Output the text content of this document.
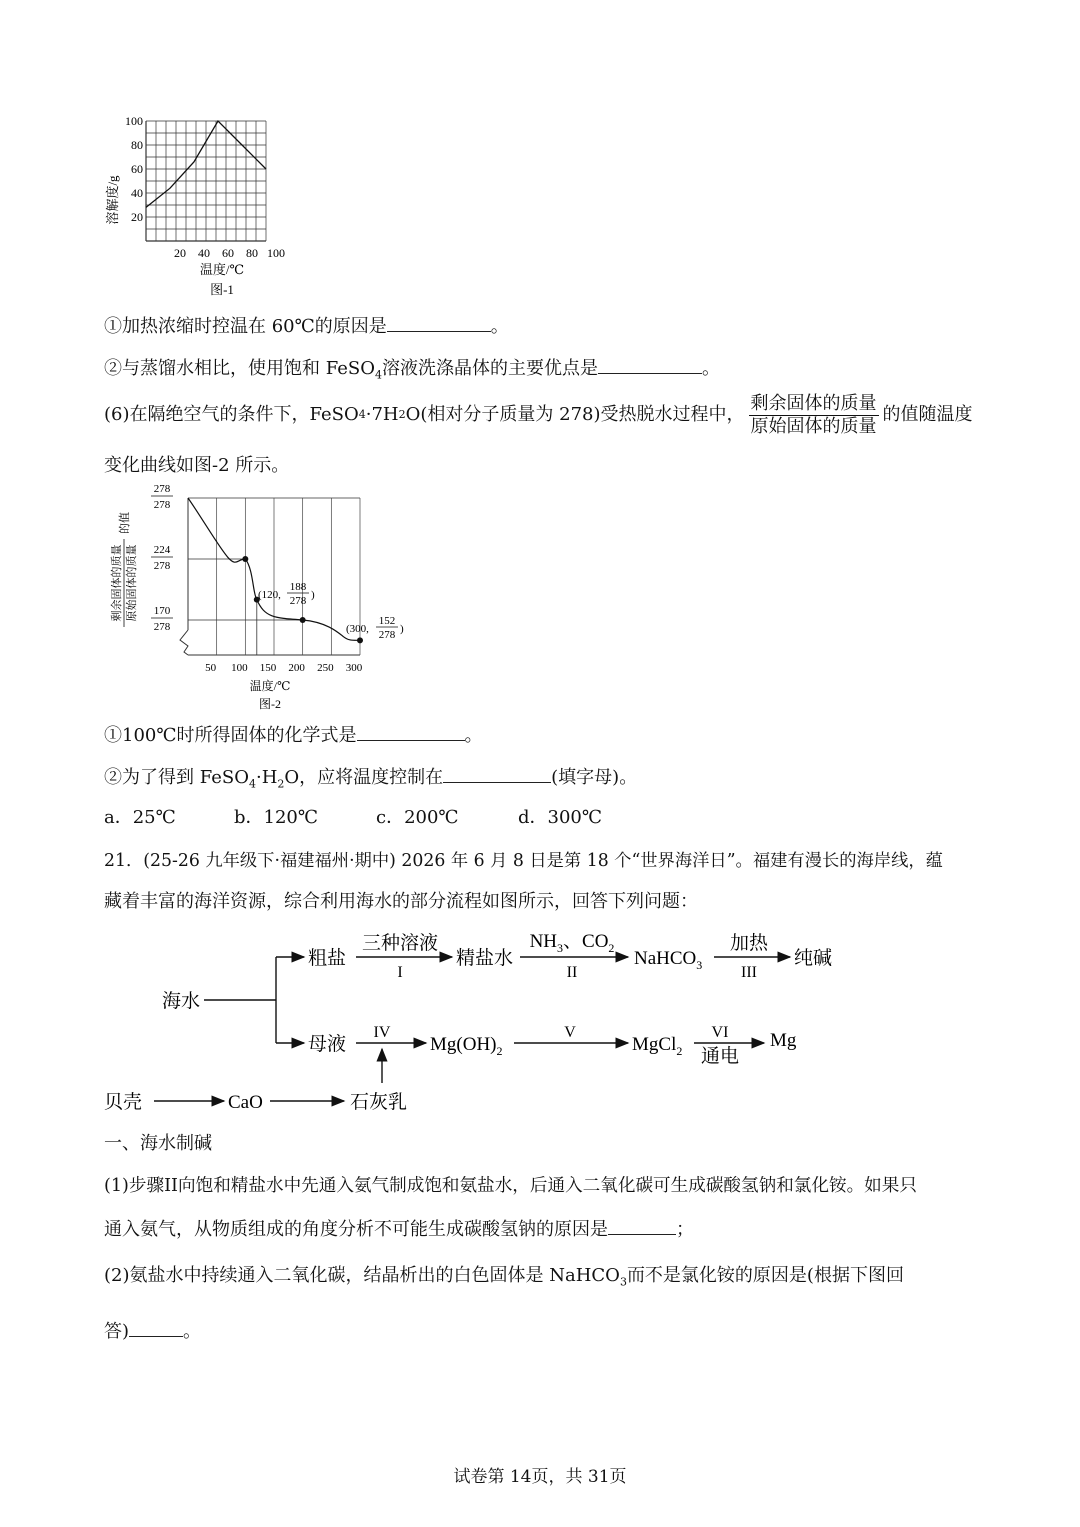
100
80
60
40
20
20 40 60 80 100
溶解度/g
温度/℃
图-1
①加热浓缩时控温在 60℃的原因是	。
②与蒸馏水相比，使用饱和 FeSO$_4$溶液洗涤晶体的主要优点是	。
(6)在隔绝空气的条件下，FeSO 4 ·7H 2 O(相对分子质量为 278)受热脱水过程中， $\frac{\text{剩余固体的质量}}{\text{原始固体的质量}}$ 的值随温度
变化曲线如图-2 所示。
剩余固体的质量 原始固体的质量
的值
278
278
224
278
170
278
50 100 150 200 250 300
(120,
188
278 )
(300,
152
278 )
温度/℃
图-2
①100℃时所得固体的化学式是	。
②为了得到 $FeSO_4\cdot H_2O$，应将温度控制在	(填字母)。
a．25℃	b．120℃	c．200℃	d．300℃
21．(25-26 九年级下·福建福州·期中) 2026 年 6 月 8 日是第 18 个“世界海洋日”。福建有漫长的海岸线，蕴
藏着丰富的海洋资源，综合利用海水的部分流程如图所示，回答下列问题：
海水
粗盐
三种溶液
I
精盐水
$NH_3$、$CO_2$
II
NaHCO$_3$
加热
III
纯碱
母液
IV
$Mg(OH)_2$
V
MgCl$_2$
VI
通电
Mg
贝壳	CaO	石灰乳
一、海水制碱
(1)步骤II向饱和精盐水中先通入氨气制成饱和氨盐水，后通入二氧化碳可生成碳酸氢钠和氯化铵。如果只
通入氨气，从物质组成的角度分析不可能生成碳酸氢钠的原因是	；
(2)氨盐水中持续通入二氧化碳，结晶析出的白色固体是 NaHCO$_3$而不是氯化铵的原因是(根据下图回
答)	。
试卷第 14页，共 31页
